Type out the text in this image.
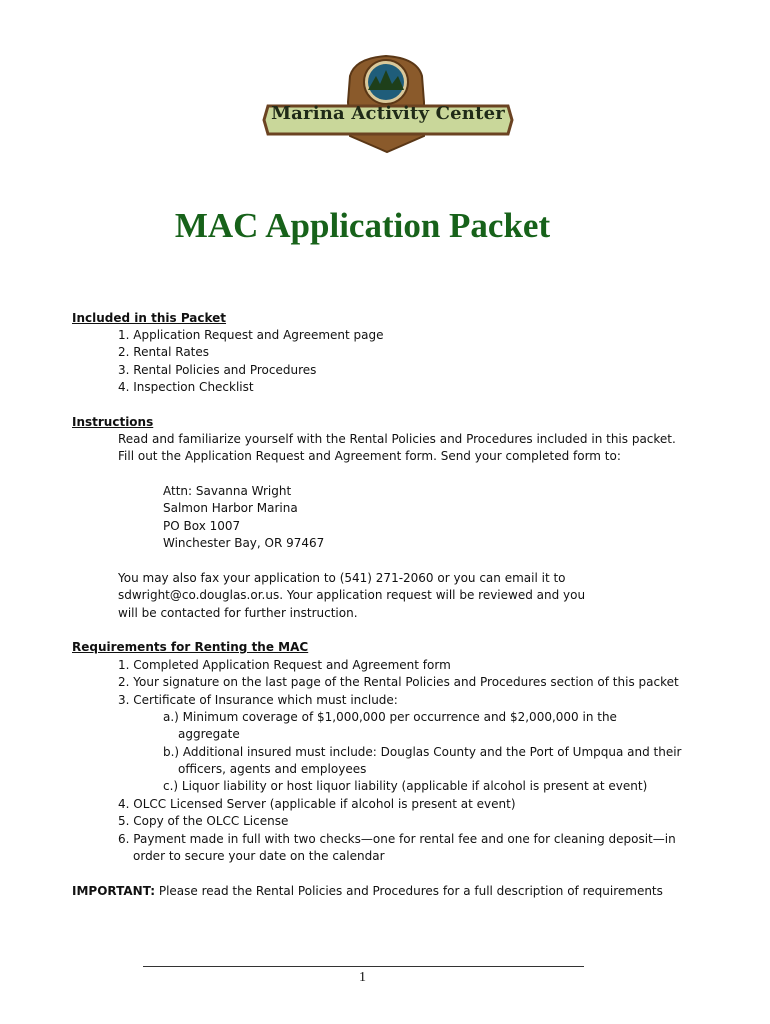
Marina Activity Center
MAC Application Packet
Included in this Packet
1. Application Request and Agreement page
2. Rental Rates
3. Rental Policies and Procedures
4. Inspection Checklist
Instructions
Read and familiarize yourself with the Rental Policies and Procedures included in this packet.
Fill out the Application Request and Agreement form. Send your completed form to:
Attn: Savanna Wright
Salmon Harbor Marina
PO Box 1007
Winchester Bay, OR 97467
You may also fax your application to (541) 271-2060 or you can email it to
sdwright@co.douglas.or.us. Your application request will be reviewed and you
will be contacted for further instruction.
Requirements for Renting the MAC
1. Completed Application Request and Agreement form
2. Your signature on the last page of the Rental Policies and Procedures section of this packet
3. Certificate of Insurance which must include:
a.) Minimum coverage of $1,000,000 per occurrence and $2,000,000 in the
aggregate
b.) Additional insured must include: Douglas County and the Port of Umpqua and their
officers, agents and employees
c.) Liquor liability or host liquor liability (applicable if alcohol is present at event)
4. OLCC Licensed Server (applicable if alcohol is present at event)
5. Copy of the OLCC License
6. Payment made in full with two checks—one for rental fee and one for cleaning deposit—in
order to secure your date on the calendar
IMPORTANT: Please read the Rental Policies and Procedures for a full description of requirements
1
